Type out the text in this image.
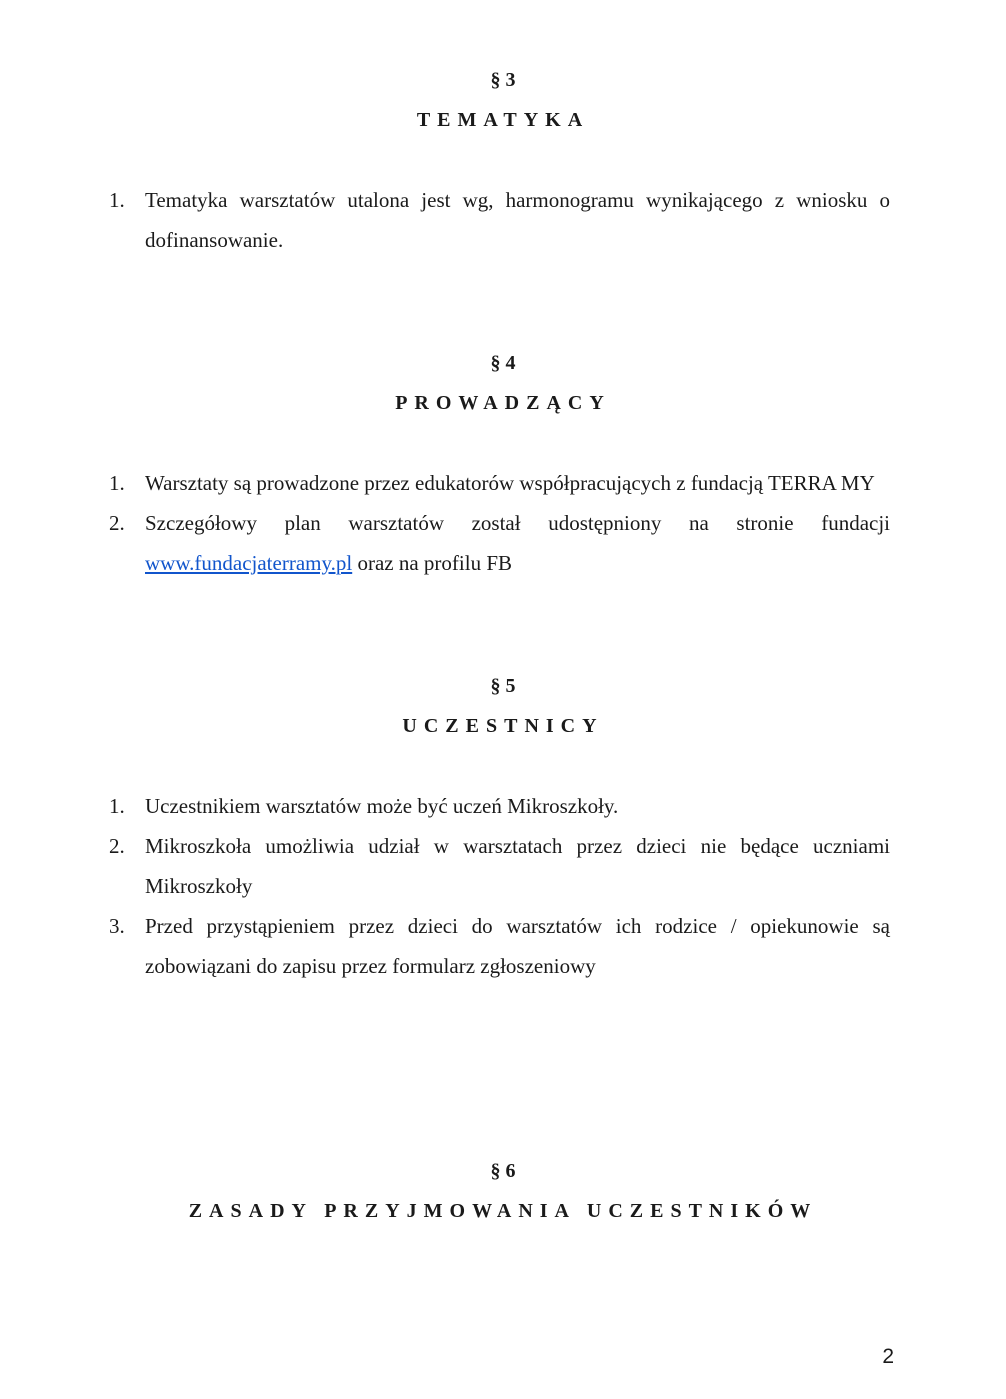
§ 3
TEMATYKA
1. Tematyka warsztatów utalona jest wg, harmonogramu wynikającego z wniosku o dofinansowanie.
§ 4
PROWADZĄCY
1. Warsztaty są prowadzone przez edukatorów współpracujących z fundacją TERRA MY
2. Szczegółowy plan warsztatów został udostępniony na stronie fundacji www.fundacjaterramy.pl oraz na profilu FB
§ 5
UCZESTNICY
1. Uczestnikiem warsztatów może być uczeń Mikroszkoły.
2. Mikroszkoła umożliwia udział w warsztatach przez dzieci nie będące uczniami Mikroszkoły
3. Przed przystąpieniem przez dzieci do warsztatów ich rodzice / opiekunowie są zobowiązani do zapisu przez formularz zgłoszeniowy
§ 6
ZASADY PRZYJMOWANIA UCZESTNIKÓW
2
